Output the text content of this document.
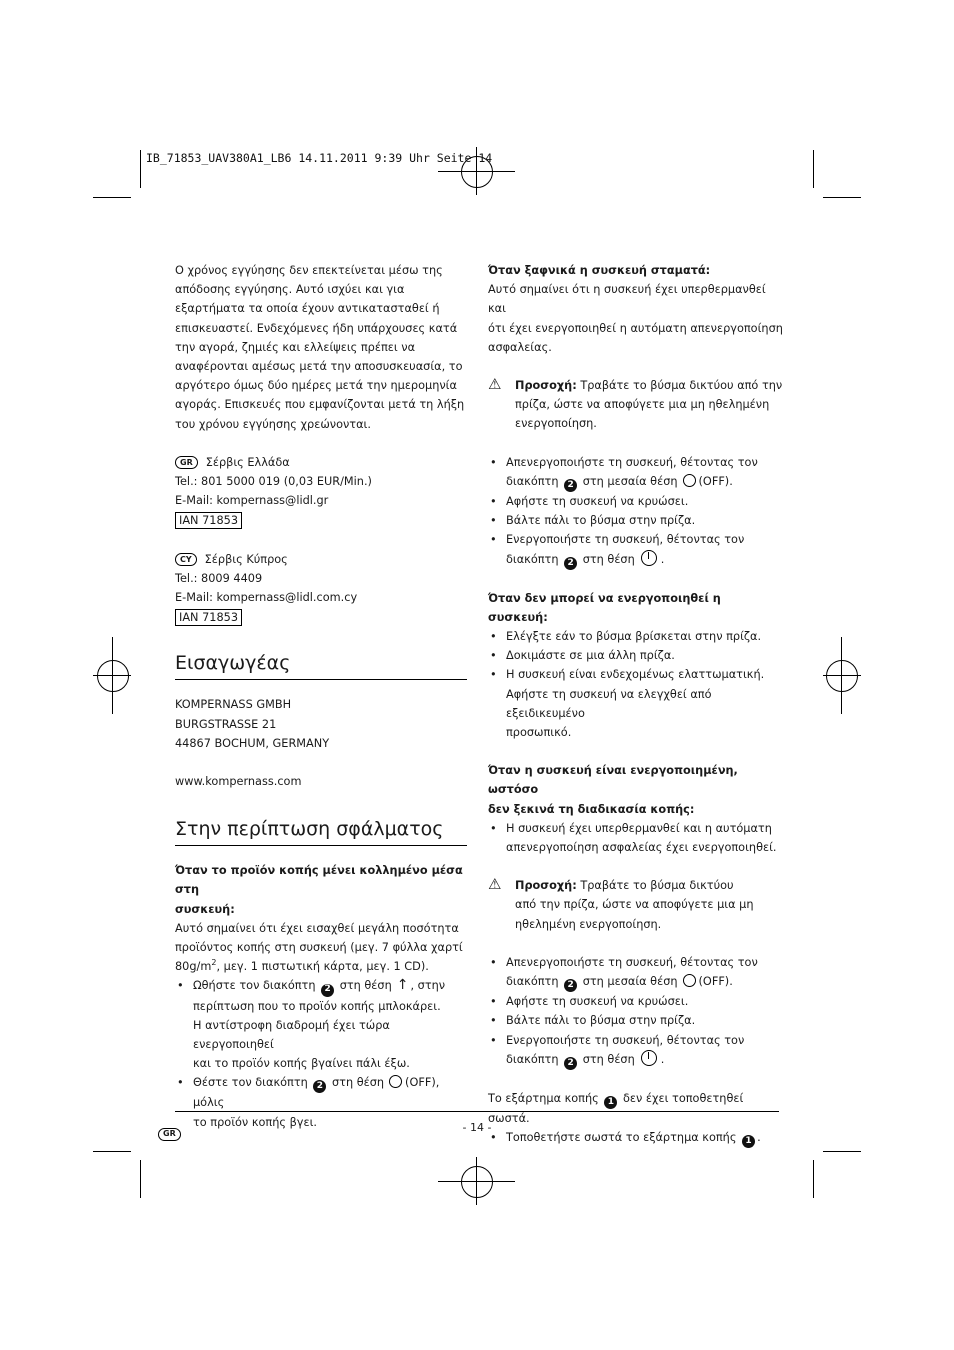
IB_71853_UAV380A1_LB6 14.11.2011 9:39 Uhr Seite 14

Ο χρόνος εγγύησης δεν επεκτείνεται μέσω της

απόδοσης εγγύησης. Αυτό ισχύει και για

εξαρτήματα τα οποία έχουν αντικατασταθεί ή

επισκευαστεί. Ενδεχόμενες ήδη υπάρχουσες κατά

την αγορά, ζημιές και ελλείψεις πρέπει να

αναφέρονται αμέσως μετά την αποσυσκευασία, το

αργότερο όμως δύο ημέρες μετά την ημερομηνία

αγοράς. Επισκευές που εμφανίζονται μετά τη λήξη

του χρόνου εγγύησης χρεώνονται.

GR Σέρβις Ελλάδα

Tel.: 801 5000 019 (0,03 EUR/Min.)

E-Mail: kompernass@lidl.gr

IAN 71853

CY Σέρβις Κύπρος

Tel.: 8009 4409

E-Mail: kompernass@lidl.com.cy

IAN 71853

Εισαγωγέας

KOMPERNASS GMBH

BURGSTRASSE 21

44867 BOCHUM, GERMANY

www.kompernass.com

Στην περίπτωση σφάλματος

Όταν το προϊόν κοπής μένει κολλημένο μέσα στη

συσκευή:

Αυτό σημαίνει ότι έχει εισαχθεί μεγάλη ποσότητα

προϊόντος κοπής στη συσκευή (μεγ. 7 φύλλα χαρτί

$80g/m^2$, μεγ. 1 πιστωτική κάρτα, μεγ. 1 CD).

• Ωθήστε τον διακόπτη 2 στη θέση ↑ , στην

περίπτωση που το προϊόν κοπής μπλοκάρει.

Η αντίστροφη διαδρομή έχει τώρα ενεργοποιηθεί

και το προϊόν κοπής βγαίνει πάλι έξω.

• Θέστε τον διακόπτη 2 στη θέση (OFF), μόλις

το προϊόν κοπής βγει.

Όταν ξαφνικά η συσκευή σταματά:

Αυτό σημαίνει ότι η συσκευή έχει υπερθερμανθεί και

ότι έχει ενεργοποιηθεί η αυτόματη απενεργοποίηση

ασφαλείας.

⚠ Προσοχή: Τραβάτε το βύσμα δικτύου από την

πρίζα, ώστε να αποφύγετε μια μη ηθελημένη

ενεργοποίηση.

• Απενεργοποιήστε τη συσκευή, θέτοντας τον

διακόπτη 2 στη μεσαία θέση (OFF).

• Αφήστε τη συσκευή να κρυώσει.
• Βάλτε πάλι το βύσμα στην πρίζα.

• Ενεργοποιήστε τη συσκευή, θέτοντας τον

διακόπτη 2 στη θέση .

Όταν δεν μπορεί να ενεργοποιηθεί η συσκευή:

• Ελέγξτε εάν το βύσμα βρίσκεται στην πρίζα.
• Δοκιμάστε σε μια άλλη πρίζα.

• Η συσκευή είναι ενδεχομένως ελαττωματική.

Αφήστε τη συσκευή να ελεγχθεί από εξειδικευμένο

προσωπικό.

Όταν η συσκευή είναι ενεργοποιημένη, ωστόσο

δεν ξεκινά τη διαδικασία κοπής:

• Η συσκευή έχει υπερθερμανθεί και η αυτόματη

απενεργοποίηση ασφαλείας έχει ενεργοποιηθεί.

⚠ Προσοχή: Τραβάτε το βύσμα δικτύου

από την πρίζα, ώστε να αποφύγετε μια μη

ηθελημένη ενεργοποίηση.

• Απενεργοποιήστε τη συσκευή, θέτοντας τον

διακόπτη 2 στη μεσαία θέση (OFF).

• Αφήστε τη συσκευή να κρυώσει.
• Βάλτε πάλι το βύσμα στην πρίζα.

• Ενεργοποιήστε τη συσκευή, θέτοντας τον

διακόπτη 2 στη θέση .

Το εξάρτημα κοπής 1 δεν έχει τοποθετηθεί σωστά.

• Τοποθετήστε σωστά το εξάρτημα κοπής 1 .

GR	- 14 -
